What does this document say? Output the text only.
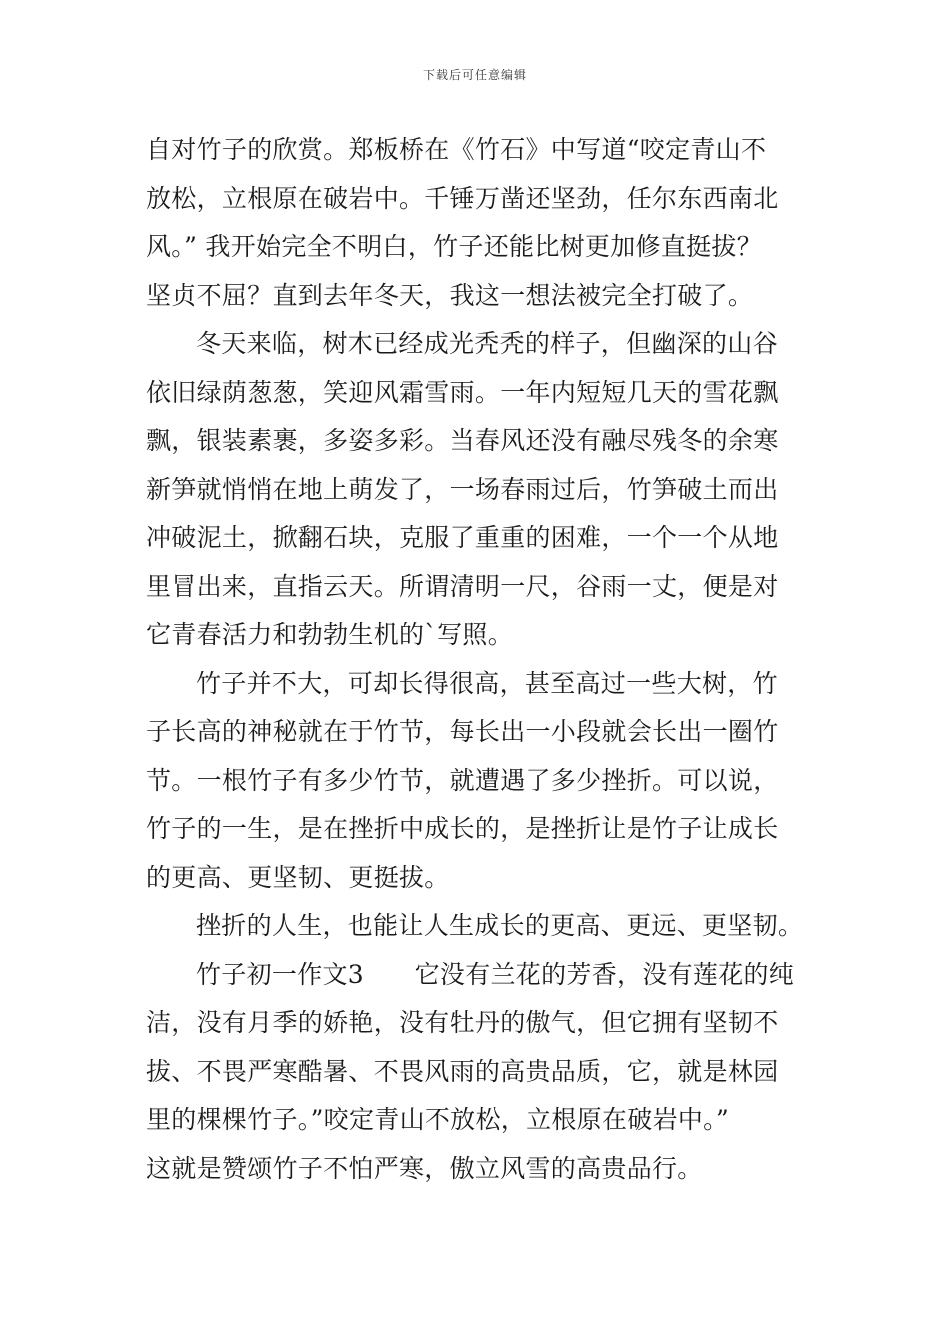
下载后可任意编辑
自对竹子的欣赏。郑板桥在《竹石》中写道“咬定青山不
放松，立根原在破岩中。千锤万凿还坚劲，任尔东西南北
风。” 我开始完全不明白，竹子还能比树更加修直挺拔？
坚贞不屈？直到去年冬天，我这一想法被完全打破了。
冬天来临，树木已经成光秃秃的样子，但幽深的山谷
依旧绿荫葱葱，笑迎风霜雪雨。一年内短短几天的雪花飘
飘，银装素裹，多姿多彩。当春风还没有融尽残冬的余寒
新笋就悄悄在地上萌发了，一场春雨过后，竹笋破土而出
冲破泥土，掀翻石块，克服了重重的困难，一个一个从地
里冒出来，直指云天。所谓清明一尺，谷雨一丈，便是对
它青春活力和勃勃生机的`写照。
竹子并不大，可却长得很高，甚至高过一些大树，竹
子长高的神秘就在于竹节，每长出一小段就会长出一圈竹
节。一根竹子有多少竹节，就遭遇了多少挫折。可以说，
竹子的一生，是在挫折中成长的，是挫折让是竹子让成长
的更高、更坚韧、更挺拔。
挫折的人生，也能让人生成长的更高、更远、更坚韧。
竹子初一作文3　　它没有兰花的芳香，没有莲花的纯
洁，没有月季的娇艳，没有牡丹的傲气，但它拥有坚韧不
拔、不畏严寒酷暑、不畏风雨的高贵品质，它，就是林园
里的棵棵竹子。”咬定青山不放松，立根原在破岩中。”
这就是赞颂竹子不怕严寒，傲立风雪的高贵品行。
